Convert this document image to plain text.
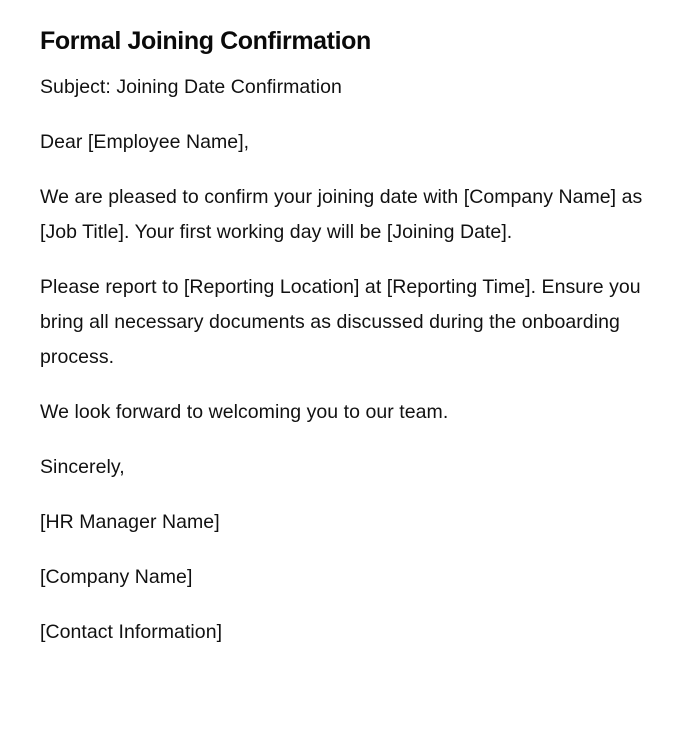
Formal Joining Confirmation

Subject: Joining Date Confirmation

Dear [Employee Name],

We are pleased to confirm your joining date with [Company Name] as [Job Title]. Your first working day will be [Joining Date].

Please report to [Reporting Location] at [Reporting Time]. Ensure you bring all necessary documents as discussed during the onboarding process.

We look forward to welcoming you to our team.

Sincerely,

[HR Manager Name]

[Company Name]

[Contact Information]
